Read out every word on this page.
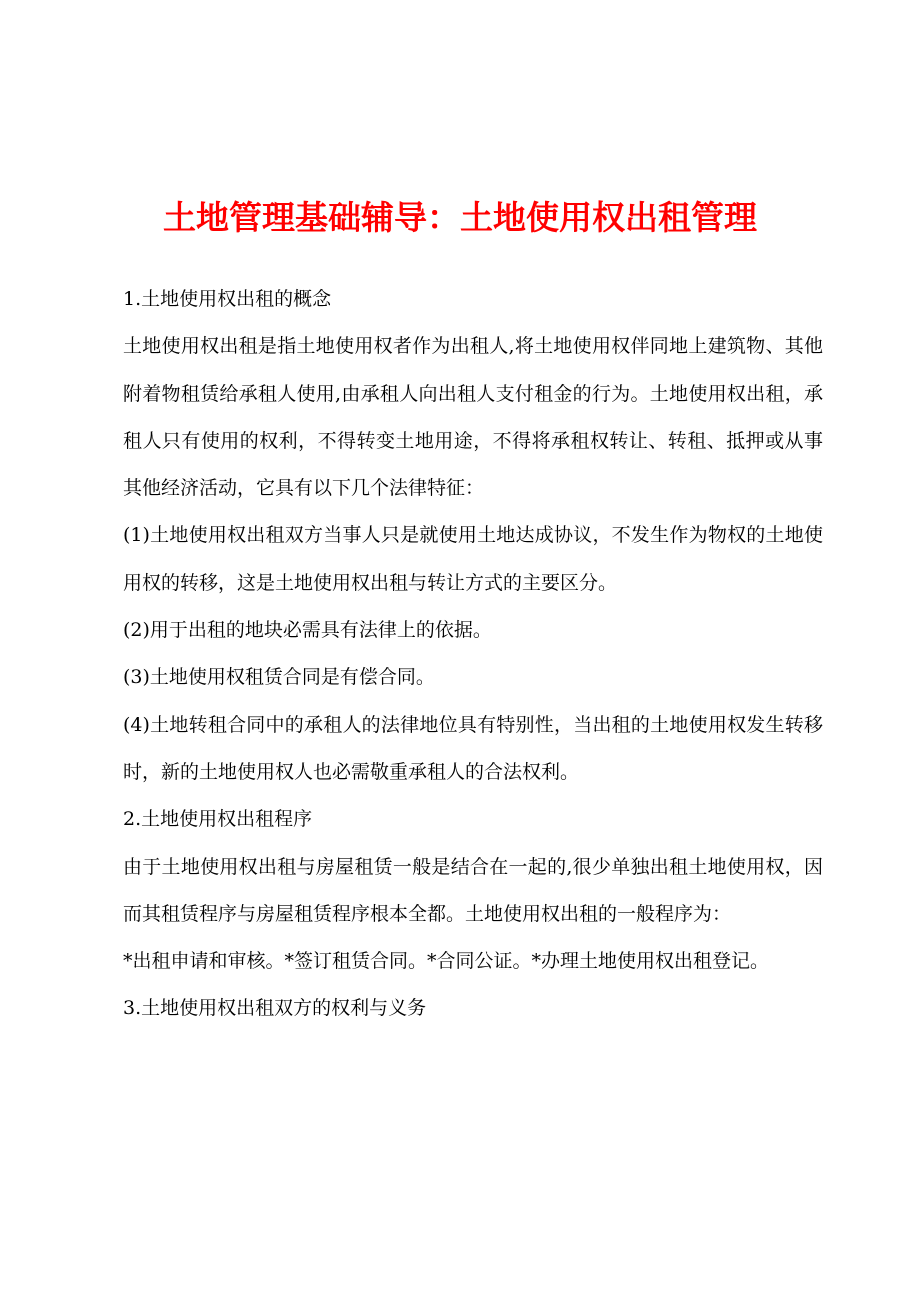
土地管理基础辅导：土地使用权出租管理

1.土地使用权出租的概念

土地使用权出租是指土地使用权者作为出租人,将土地使用权伴同地上建筑物、其他附着物租赁给承租人使用,由承租人向出租人支付租金的行为。土地使用权出租，承租人只有使用的权利，不得转变土地用途，不得将承租权转让、转租、抵押或从事其他经济活动，它具有以下几个法律特征：

(1)土地使用权出租双方当事人只是就使用土地达成协议，不发生作为物权的土地使用权的转移，这是土地使用权出租与转让方式的主要区分。

(2)用于出租的地块必需具有法律上的依据。

(3)土地使用权租赁合同是有偿合同。

(4)土地转租合同中的承租人的法律地位具有特别性，当出租的土地使用权发生转移时，新的土地使用权人也必需敬重承租人的合法权利。

2.土地使用权出租程序

由于土地使用权出租与房屋租赁一般是结合在一起的,很少单独出租土地使用权，因而其租赁程序与房屋租赁程序根本全都。土地使用权出租的一般程序为：

*出租申请和审核。*签订租赁合同。*合同公证。*办理土地使用权出租登记。

3.土地使用权出租双方的权利与义务
